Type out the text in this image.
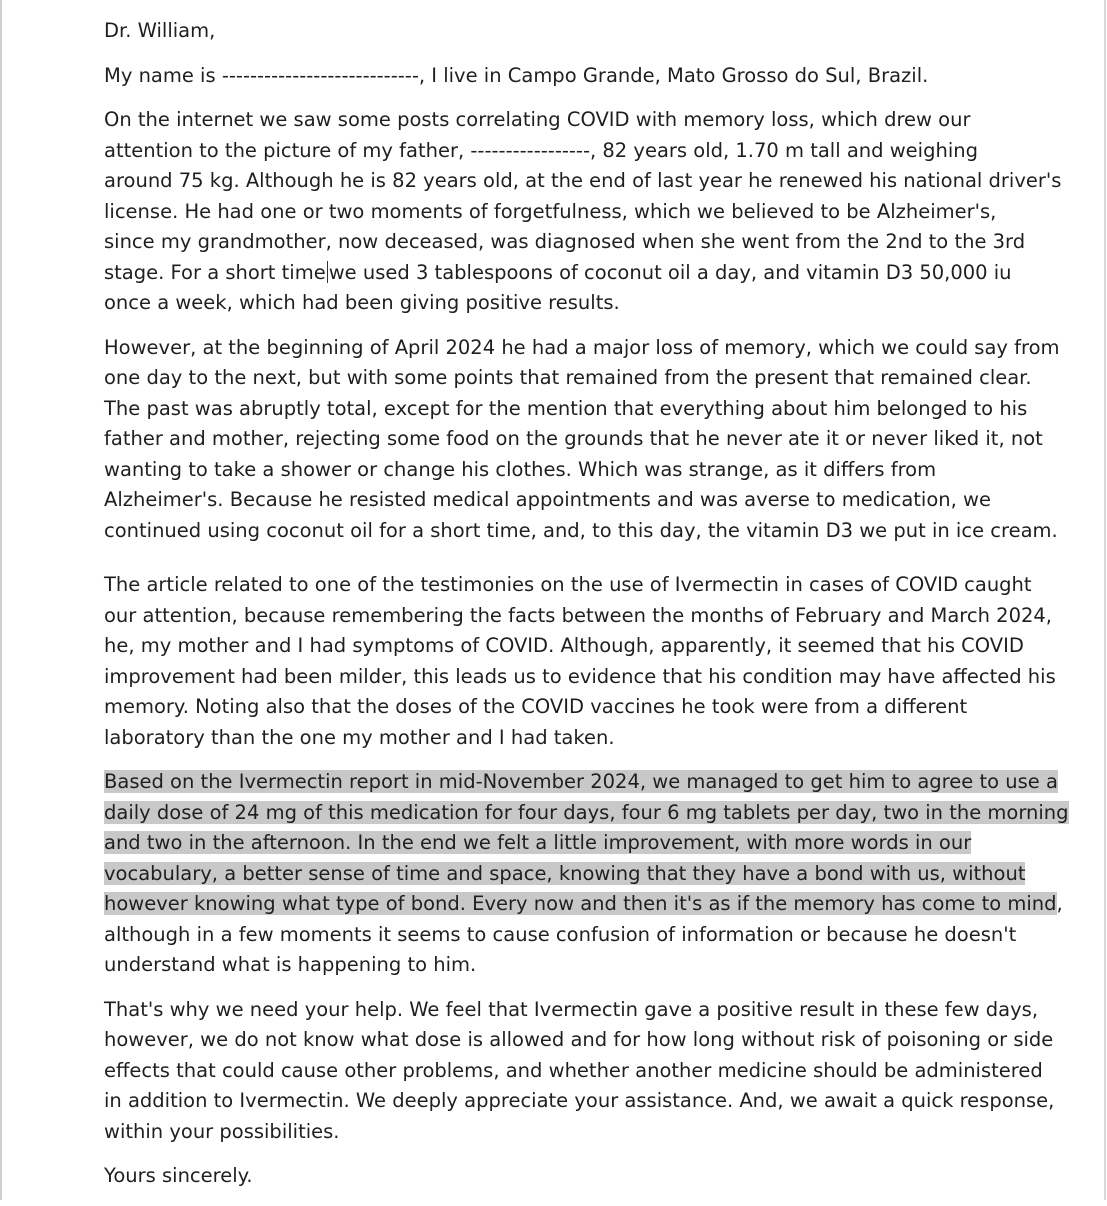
Dr. William,

My name is ----------------------------, I live in Campo Grande, Mato Grosso do Sul, Brazil.

On the internet we saw some posts correlating COVID with memory loss, which drew our
attention to the picture of my father, -----------------, 82 years old, 1.70 m tall and weighing
around 75 kg. Although he is 82 years old, at the end of last year he renewed his national driver's
license. He had one or two moments of forgetfulness, which we believed to be Alzheimer's,
since my grandmother, now deceased, was diagnosed when she went from the 2nd to the 3rd
stage. For a short time we used 3 tablespoons of coconut oil a day, and vitamin D3 50,000 iu
once a week, which had been giving positive results.

However, at the beginning of April 2024 he had a major loss of memory, which we could say from
one day to the next, but with some points that remained from the present that remained clear.
The past was abruptly total, except for the mention that everything about him belonged to his
father and mother, rejecting some food on the grounds that he never ate it or never liked it, not
wanting to take a shower or change his clothes. Which was strange, as it differs from
Alzheimer's. Because he resisted medical appointments and was averse to medication, we
continued using coconut oil for a short time, and, to this day, the vitamin D3 we put in ice cream.

The article related to one of the testimonies on the use of Ivermectin in cases of COVID caught
our attention, because remembering the facts between the months of February and March 2024,
he, my mother and I had symptoms of COVID. Although, apparently, it seemed that his COVID
improvement had been milder, this leads us to evidence that his condition may have affected his
memory. Noting also that the doses of the COVID vaccines he took were from a different
laboratory than the one my mother and I had taken.

Based on the Ivermectin report in mid-November 2024, we managed to get him to agree to use a
daily dose of 24 mg of this medication for four days, four 6 mg tablets per day, two in the morning
and two in the afternoon. In the end we felt a little improvement, with more words in our
vocabulary, a better sense of time and space, knowing that they have a bond with us, without
however knowing what type of bond. Every now and then it's as if the memory has come to mind,
although in a few moments it seems to cause confusion of information or because he doesn't
understand what is happening to him.

That's why we need your help. We feel that Ivermectin gave a positive result in these few days,
however, we do not know what dose is allowed and for how long without risk of poisoning or side
effects that could cause other problems, and whether another medicine should be administered
in addition to Ivermectin. We deeply appreciate your assistance. And, we await a quick response,
within your possibilities.

Yours sincerely.
